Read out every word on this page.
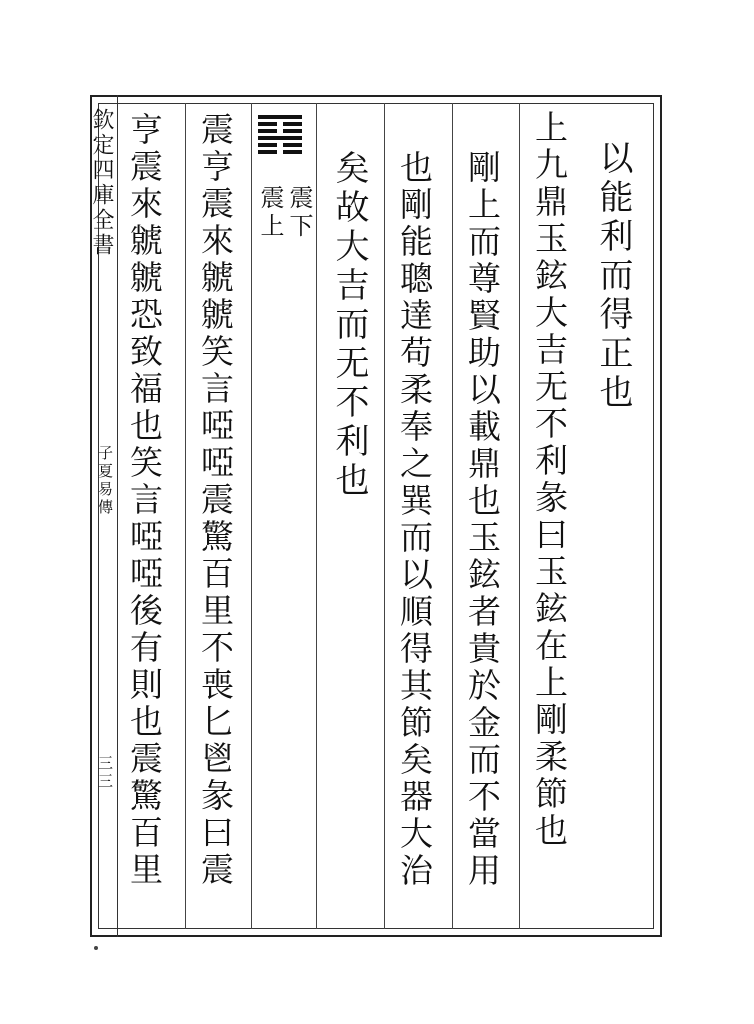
欽定四庫全書
子夏易傳
三三
以能利而得正也
上九鼎玉鉉大吉无不利彖曰玉鉉在上剛柔節也
剛上而尊賢助以載鼎也玉鉉者貴於金而不當用
也剛能聰達苟柔奉之巽而以順得其節矣器大治
矣故大吉而无不利也
震下
震上
震亨震來虩虩笑言啞啞震驚百里不喪匕鬯彖曰震
亨震來虩虩恐致福也笑言啞啞後有則也震驚百里
